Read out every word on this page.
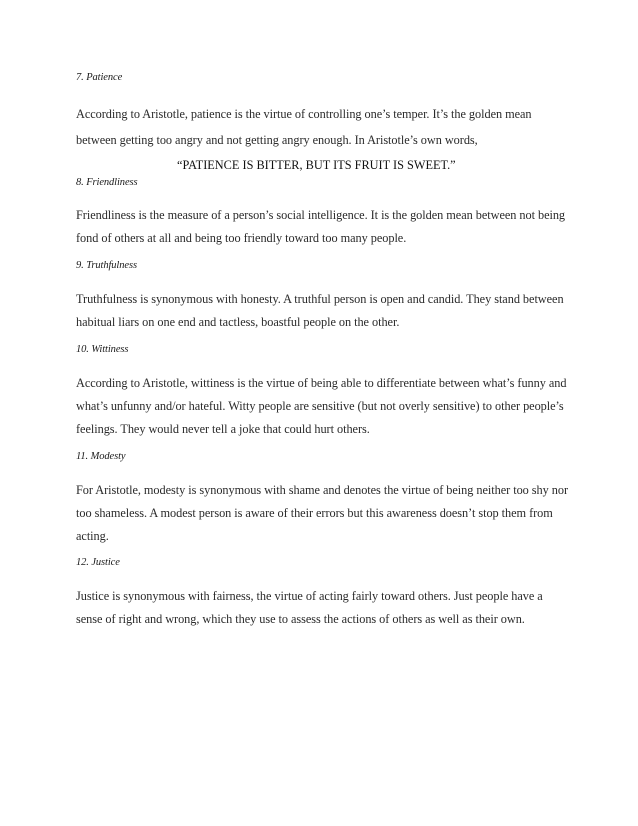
7. Patience
According to Aristotle, patience is the virtue of controlling one’s temper. It’s the golden mean
between getting too angry and not getting angry enough. In Aristotle’s own words,
“PATIENCE IS BITTER, BUT ITS FRUIT IS SWEET.”
8. Friendliness
Friendliness is the measure of a person’s social intelligence. It is the golden mean between not being
fond of others at all and being too friendly toward too many people.
9. Truthfulness
Truthfulness is synonymous with honesty. A truthful person is open and candid. They stand between
habitual liars on one end and tactless, boastful people on the other.
10. Wittiness
According to Aristotle, wittiness is the virtue of being able to differentiate between what’s funny and
what’s unfunny and/or hateful. Witty people are sensitive (but not overly sensitive) to other people’s
feelings. They would never tell a joke that could hurt others.
11. Modesty
For Aristotle, modesty is synonymous with shame and denotes the virtue of being neither too shy nor
too shameless. A modest person is aware of their errors but this awareness doesn’t stop them from
acting.
12. Justice
Justice is synonymous with fairness, the virtue of acting fairly toward others. Just people have a
sense of right and wrong, which they use to assess the actions of others as well as their own.
